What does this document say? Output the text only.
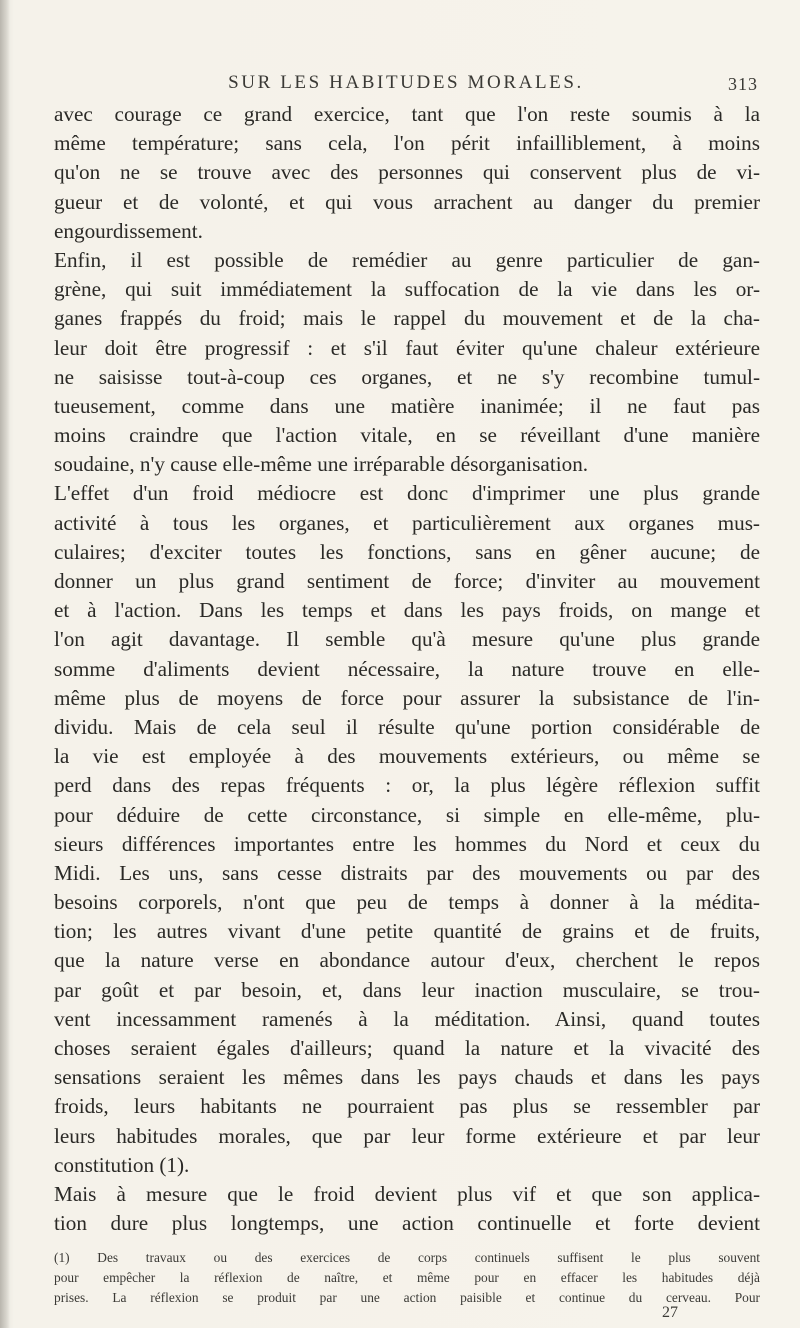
SUR LES HABITUDES MORALES.	313
avec courage ce grand exercice, tant que l'on reste soumis à la
même température; sans cela, l'on périt infailliblement, à moins
qu'on ne se trouve avec des personnes qui conservent plus de vi-
gueur et de volonté, et qui vous arrachent au danger du premier
engourdissement.
Enfin, il est possible de remédier au genre particulier de gan-
grène, qui suit immédiatement la suffocation de la vie dans les or-
ganes frappés du froid; mais le rappel du mouvement et de la cha-
leur doit être progressif : et s'il faut éviter qu'une chaleur extérieure
ne saisisse tout-à-coup ces organes, et ne s'y recombine tumul-
tueusement, comme dans une matière inanimée; il ne faut pas
moins craindre que l'action vitale, en se réveillant d'une manière
soudaine, n'y cause elle-même une irréparable désorganisation.
L'effet d'un froid médiocre est donc d'imprimer une plus grande
activité à tous les organes, et particulièrement aux organes mus-
culaires; d'exciter toutes les fonctions, sans en gêner aucune; de
donner un plus grand sentiment de force; d'inviter au mouvement
et à l'action. Dans les temps et dans les pays froids, on mange et
l'on agit davantage. Il semble qu'à mesure qu'une plus grande
somme d'aliments devient nécessaire, la nature trouve en elle-
même plus de moyens de force pour assurer la subsistance de l'in-
dividu. Mais de cela seul il résulte qu'une portion considérable de
la vie est employée à des mouvements extérieurs, ou même se
perd dans des repas fréquents : or, la plus légère réflexion suffit
pour déduire de cette circonstance, si simple en elle-même, plu-
sieurs différences importantes entre les hommes du Nord et ceux du
Midi. Les uns, sans cesse distraits par des mouvements ou par des
besoins corporels, n'ont que peu de temps à donner à la médita-
tion; les autres vivant d'une petite quantité de grains et de fruits,
que la nature verse en abondance autour d'eux, cherchent le repos
par goût et par besoin, et, dans leur inaction musculaire, se trou-
vent incessamment ramenés à la méditation. Ainsi, quand toutes
choses seraient égales d'ailleurs; quand la nature et la vivacité des
sensations seraient les mêmes dans les pays chauds et dans les pays
froids, leurs habitants ne pourraient pas plus se ressembler par
leurs habitudes morales, que par leur forme extérieure et par leur
constitution (1).
Mais à mesure que le froid devient plus vif et que son applica-
tion dure plus longtemps, une action continuelle et forte devient
(1) Des travaux ou des exercices de corps continuels suffisent le plus souvent
pour empêcher la réflexion de naître, et même pour en effacer les habitudes déjà
prises. La réflexion se produit par une action paisible et continue du cerveau. Pour
27
